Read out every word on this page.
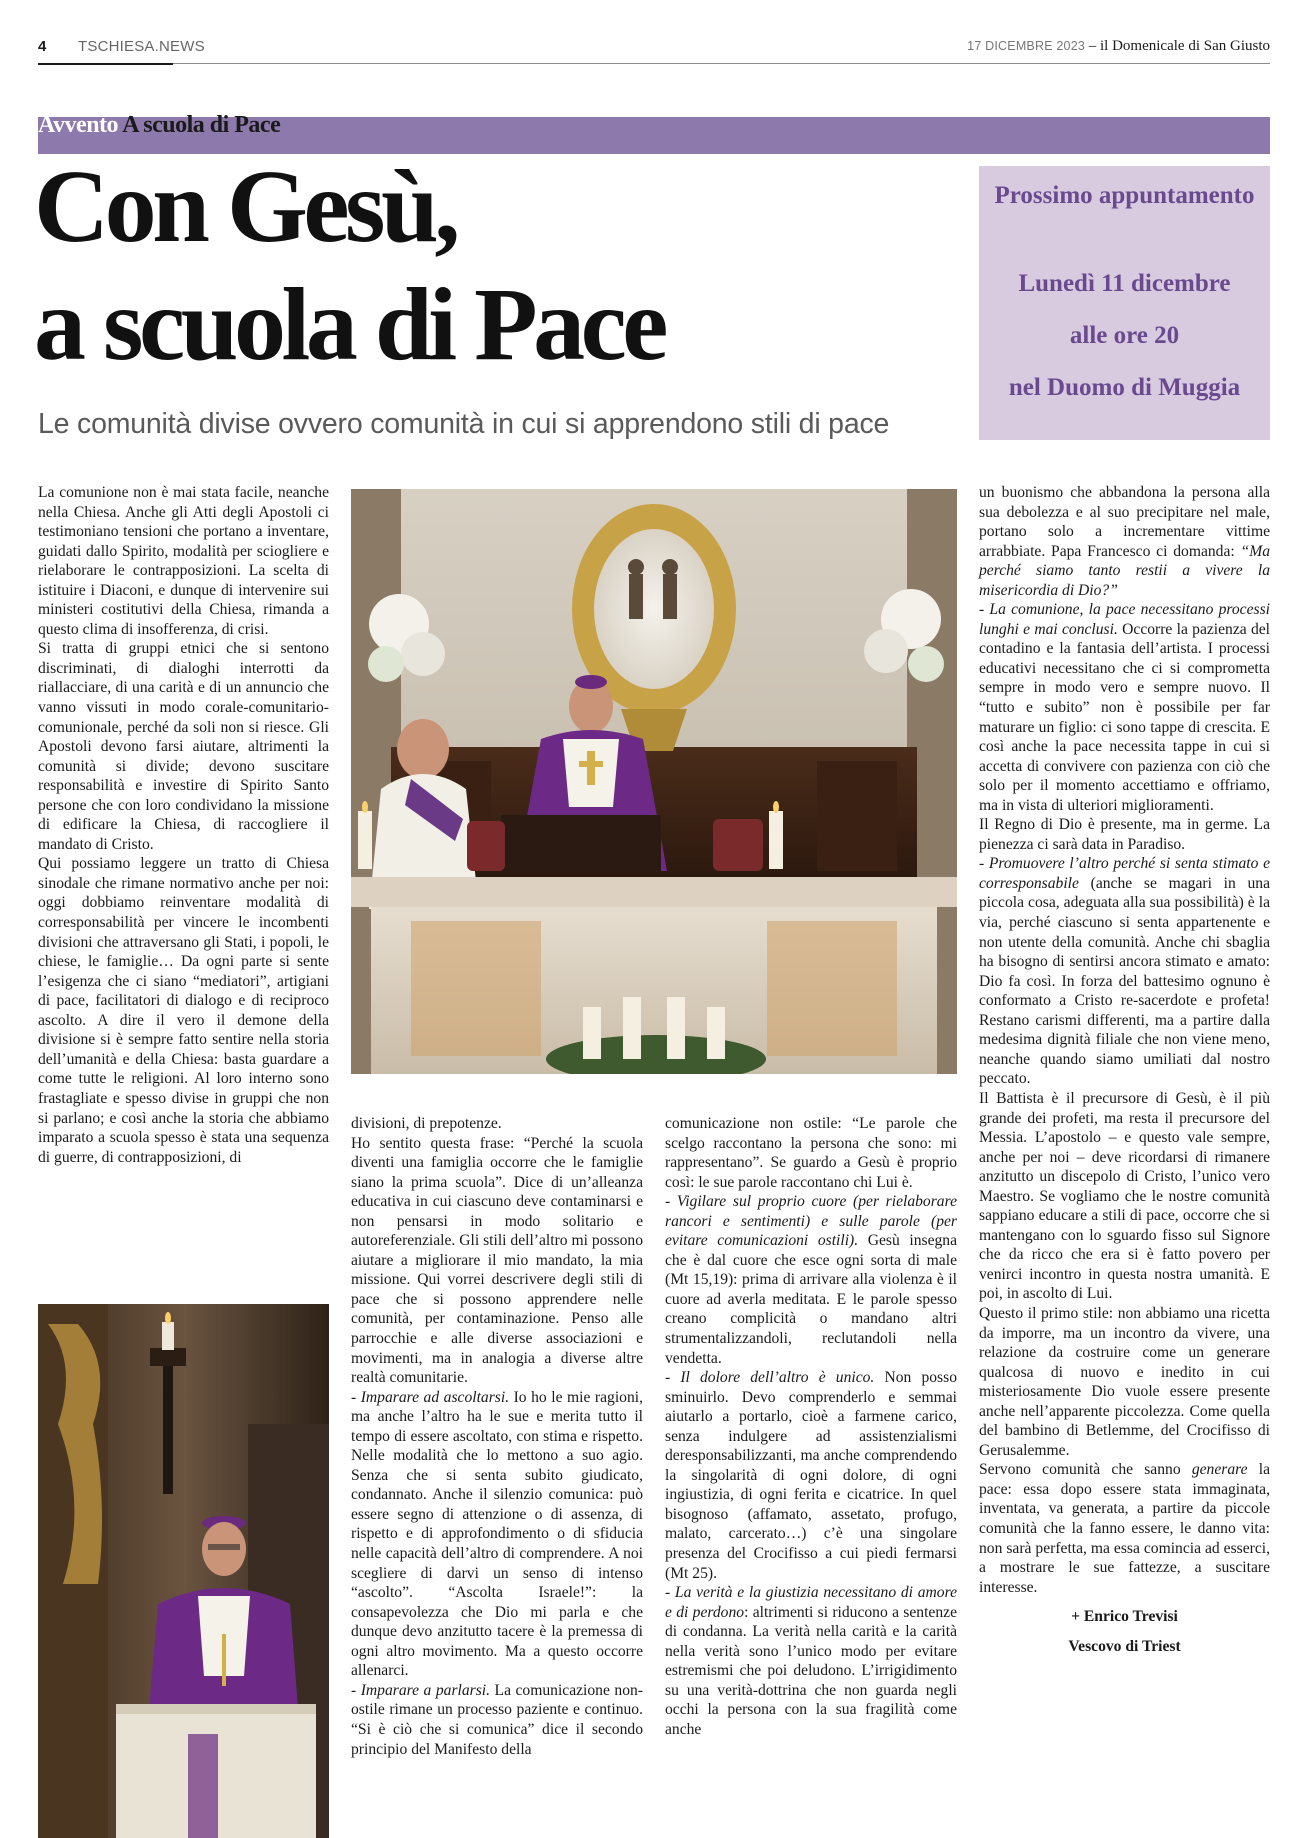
4 TSCHIESA.NEWS	17 DICEMBRE 2023 – il Domenicale di San Giusto
Avvento A scuola di Pace
Con Gesù,
a scuola di Pace
Le comunità divise ovvero comunità in cui si apprendono stili di pace
Prossimo appuntamento
Lunedì 11 dicembre
alle ore 20
nel Duomo di Muggia

La comunione non è mai stata facile, neanche nella Chiesa. Anche gli Atti degli Apostoli ci testimoniano tensioni che portano a inventare, guidati dallo Spirito, modalità per sciogliere e rielaborare le contrapposizioni. La scelta di istituire i Diaconi, e dunque di intervenire sui ministeri costitutivi della Chiesa, rimanda a questo clima di insofferenza, di crisi.

Si tratta di gruppi etnici che si sentono discriminati, di dialoghi interrotti da riallacciare, di una carità e di un annuncio che vanno vissuti in modo corale-comunitario-comunionale, perché da soli non si riesce. Gli Apostoli devono farsi aiutare, altrimenti la comunità si divide; devono suscitare responsabilità e investire di Spirito Santo persone che con loro condividano la missione di edificare la Chiesa, di raccogliere il mandato di Cristo.

Qui possiamo leggere un tratto di Chiesa sinodale che rimane normativo anche per noi: oggi dobbiamo reinventare modalità di corresponsabilità per vincere le incombenti divisioni che attraversano gli Stati, i popoli, le chiese, le famiglie… Da ogni parte si sente l’esigenza che ci siano “mediatori”, artigiani di pace, facilitatori di dialogo e di reciproco ascolto. A dire il vero il demone della divisione si è sempre fatto sentire nella storia dell’umanità e della Chiesa: basta guardare a come tutte le religioni. Al loro interno sono frastagliate e spesso divise in gruppi che non si parlano; e così anche la storia che abbiamo imparato a scuola spesso è stata una sequenza di guerre, di contrapposizioni, di

divisioni, di prepotenze.

Ho sentito questa frase: “Perché la scuola diventi una famiglia occorre che le famiglie siano la prima scuola”. Dice di un’alleanza educativa in cui ciascuno deve contaminarsi e non pensarsi in modo solitario e autoreferenziale. Gli stili dell’altro mi possono aiutare a migliorare il mio mandato, la mia missione. Qui vorrei descrivere degli stili di pace che si possono apprendere nelle comunità, per contaminazione. Penso alle parrocchie e alle diverse associazioni e movimenti, ma in analogia a diverse altre realtà comunitarie.

- Imparare ad ascoltarsi. Io ho le mie ragioni, ma anche l’altro ha le sue e merita tutto il tempo di essere ascoltato, con stima e rispetto. Nelle modalità che lo mettono a suo agio. Senza che si senta subito giudicato, condannato. Anche il silenzio comunica: può essere segno di attenzione o di assenza, di rispetto e di approfondimento o di sfiducia nelle capacità dell’altro di comprendere. A noi scegliere di darvi un senso di intenso “ascolto”. “Ascolta Israele!”: la consapevolezza che Dio mi parla e che dunque devo anzitutto tacere è la premessa di ogni altro movimento. Ma a questo occorre allenarci.

- Imparare a parlarsi. La comunicazione non-ostile rimane un processo paziente e continuo. “Si è ciò che si comunica” dice il secondo principio del Manifesto della

comunicazione non ostile: “Le parole che scelgo raccontano la persona che sono: mi rappresentano”. Se guardo a Gesù è proprio così: le sue parole raccontano chi Lui è.

- Vigilare sul proprio cuore (per rielaborare rancori e sentimenti) e sulle parole (per evitare comunicazioni ostili). Gesù insegna che è dal cuore che esce ogni sorta di male (Mt 15,19): prima di arrivare alla violenza è il cuore ad averla meditata. E le parole spesso creano complicità o mandano altri strumentalizzandoli, reclutandoli nella vendetta.

- Il dolore dell’altro è unico. Non posso sminuirlo. Devo comprenderlo e semmai aiutarlo a portarlo, cioè a farmene carico, senza indulgere ad assistenzialismi deresponsabilizzanti, ma anche comprendendo la singolarità di ogni dolore, di ogni ingiustizia, di ogni ferita e cicatrice. In quel bisognoso (affamato, assetato, profugo, malato, carcerato…) c’è una singolare presenza del Crocifisso a cui piedi fermarsi (Mt 25).

- La verità e la giustizia necessitano di amore e di perdono: altrimenti si riducono a sentenze di condanna. La verità nella carità e la carità nella verità sono l’unico modo per evitare estremismi che poi deludono. L’irrigidimento su una verità-dottrina che non guarda negli occhi la persona con la sua fragilità come anche

un buonismo che abbandona la persona alla sua debolezza e al suo precipitare nel male, portano solo a incrementare vittime arrabbiate. Papa Francesco ci domanda: “Ma perché siamo tanto restii a vivere la misericordia di Dio?”

- La comunione, la pace necessitano processi lunghi e mai conclusi. Occorre la pazienza del contadino e la fantasia dell’artista. I processi educativi necessitano che ci si comprometta sempre in modo vero e sempre nuovo. Il “tutto e subito” non è possibile per far maturare un figlio: ci sono tappe di crescita. E così anche la pace necessita tappe in cui si accetta di convivere con pazienza con ciò che solo per il momento accettiamo e offriamo, ma in vista di ulteriori miglioramenti.

Il Regno di Dio è presente, ma in germe. La pienezza ci sarà data in Paradiso.

- Promuovere l’altro perché si senta stimato e corresponsabile (anche se magari in una piccola cosa, adeguata alla sua possibilità) è la via, perché ciascuno si senta appartenente e non utente della comunità. Anche chi sbaglia ha bisogno di sentirsi ancora stimato e amato: Dio fa così. In forza del battesimo ognuno è conformato a Cristo re-sacerdote e profeta! Restano carismi differenti, ma a partire dalla medesima dignità filiale che non viene meno, neanche quando siamo umiliati dal nostro peccato.

Il Battista è il precursore di Gesù, è il più grande dei profeti, ma resta il precursore del Messia. L’apostolo – e questo vale sempre, anche per noi – deve ricordarsi di rimanere anzitutto un discepolo di Cristo, l’unico vero Maestro. Se vogliamo che le nostre comunità sappiano educare a stili di pace, occorre che si mantengano con lo sguardo fisso sul Signore che da ricco che era si è fatto povero per venirci incontro in questa nostra umanità. E poi, in ascolto di Lui.

Questo il primo stile: non abbiamo una ricetta da imporre, ma un incontro da vivere, una relazione da costruire come un generare qualcosa di nuovo e inedito in cui misteriosamente Dio vuole essere presente anche nell’apparente piccolezza. Come quella del bambino di Betlemme, del Crocifisso di Gerusalemme.

Servono comunità che sanno generare la pace: essa dopo essere stata immaginata, inventata, va generata, a partire da piccole comunità che la fanno essere, le danno vita: non sarà perfetta, ma essa comincia ad esserci, a mostrare le sue fattezze, a suscitare interesse.

+ Enrico Trevisi
Vescovo di Triest
